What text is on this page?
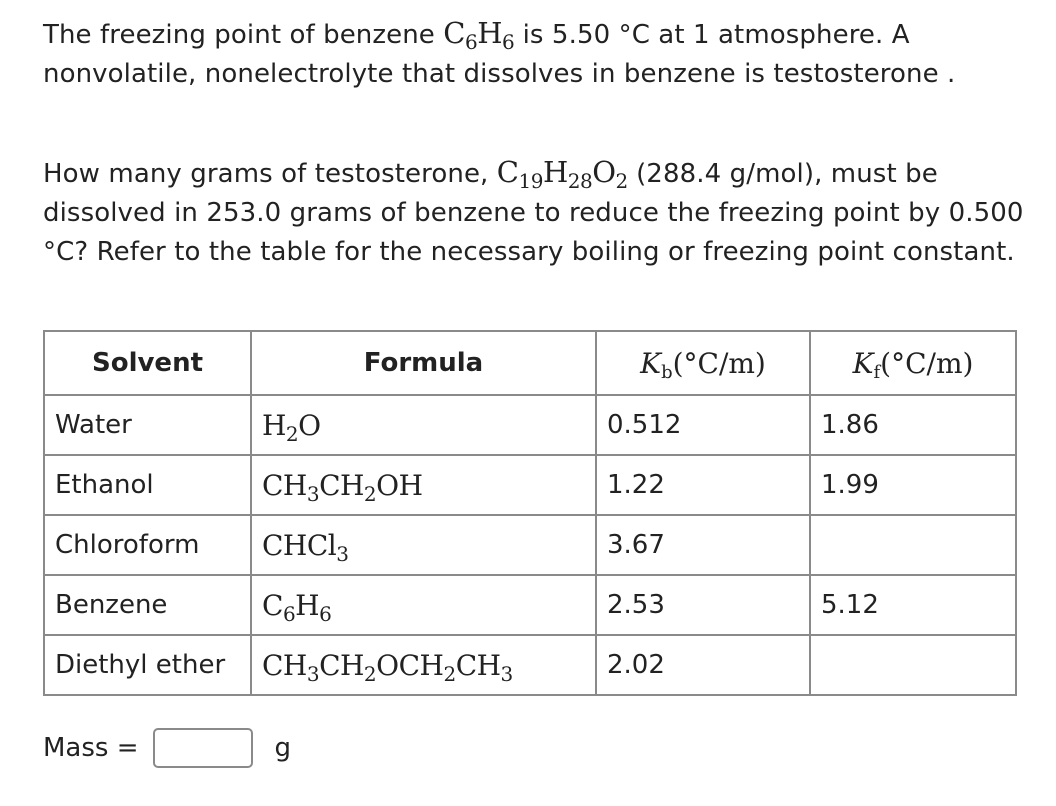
The freezing point of benzene $C_6H_6$ is 5.50 °C at 1 atmosphere. A nonvolatile, nonelectrolyte that dissolves in benzene is testosterone .
How many grams of testosterone, $C_{19}H_{28}O_2$ (288.4 g/mol), must be dissolved in 253.0 grams of benzene to reduce the freezing point by 0.500 °C? Refer to the table for the necessary boiling or freezing point constant.
Solvent	Formula	$K_b(^\circ C/m)$	$K_f(^\circ C/m)$
Water	$H_2O$	0.512	1.86
Ethanol	$CH_3CH_2OH$	1.22	1.99
Chloroform	CHCl$_3$	3.67	
Benzene	$C_6H_6$	2.53	5.12
Diethyl ether	$CH_3CH_2OCH_2CH_3$	2.02	
Mass =	g
